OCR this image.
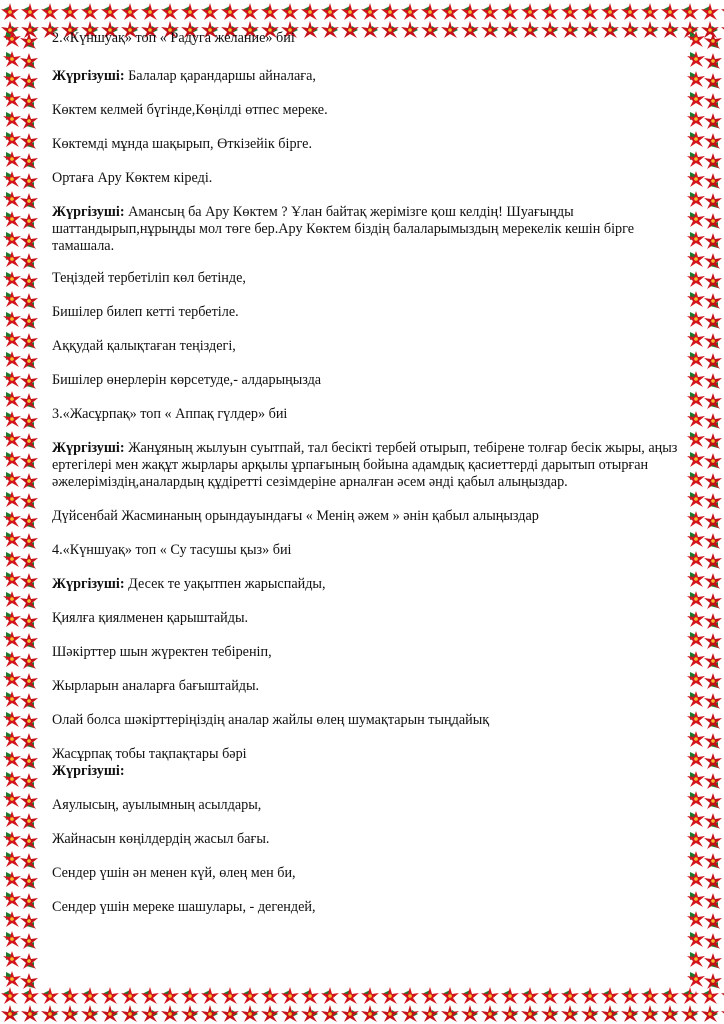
2.«Күншуақ» топ « Радуга желание» биі

Жүргізуші: Балалар қарандаршы айналаға,

Көктем келмей бүгінде,Көңілді өтпес мереке.

Көктемді мұнда шақырып, Өткізейік бірге.

Ортаға Ару Көктем кіреді.

Жүргізуші: Амансың ба Ару Көктем ? Ұлан байтақ жерімізге қош келдің! Шуағыңды шаттандырып,нұрыңды мол төге бер.Ару Көктем біздің балаларымыздың мерекелік кешін бірге тамашала.

Теңіздей тербетіліп көл бетінде,

Бишілер билеп кетті тербетіле.

Аққудай қалықтаған теңіздегі,

Бишілер өнерлерін көрсетуде,- алдарыңызда

3.«Жасұрпақ» топ « Аппақ гүлдер» биі

Жүргізуші: Жанұяның жылуын суытпай, тал бесікті тербей отырып, тебірене толғар бесік жыры, аңыз ертегілері мен жақұт жырлары арқылы ұрпағының бойына адамдық қасиеттерді дарытып отырған әжелеріміздің,аналардың құдіретті сезімдеріне арналған әсем әнді қабыл алыңыздар.

Дүйсенбай Жасминаның орындауындағы « Менің әжем » әнін қабыл алыңыздар

4.«Күншуақ» топ « Су тасушы қыз» биі

Жүргізуші: Десек те уақытпен жарыспайды,

Қиялға қиялменен қарыштайды.

Шәкірттер шын жүректен тебіреніп,

Жырларын аналарға бағыштайды.

Олай болса шәкірттеріңіздің аналар жайлы өлең шумақтарын тыңдайық

Жасұрпақ тобы тақпақтары бәрі

Жүргізуші:

Аяулысың, ауылымның асылдары,

Жайнасын көңілдердің жасыл бағы.

Сендер үшін ән менен күй, өлең мен би,

Сендер үшін мереке шашулары, - дегендей,
